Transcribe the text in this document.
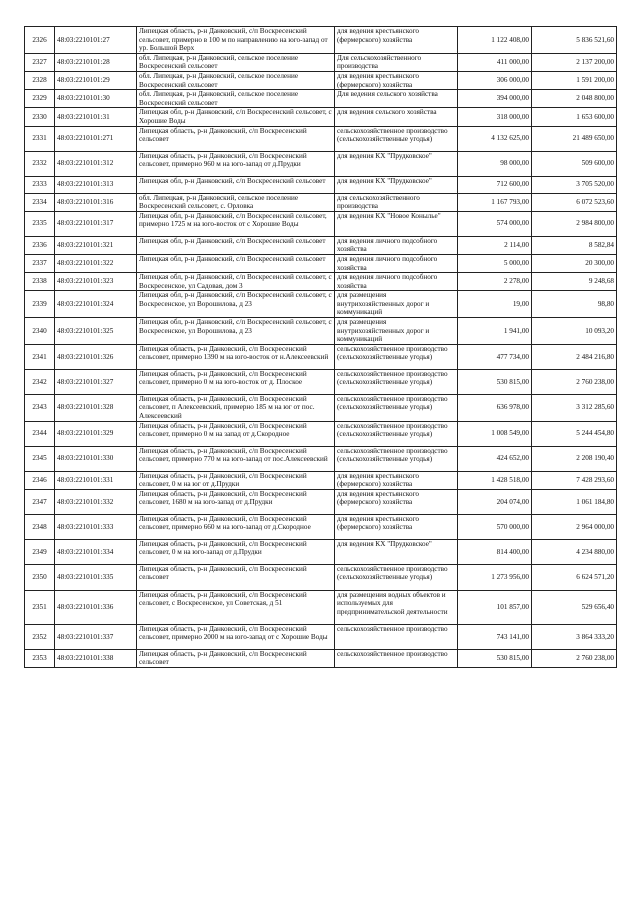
2326	48:03:2210101:27	Липецкая область, р-н Данковский, с/п Воскресенский сельсовет, примерно в 100 м по направлению на юго-запад от ур. Большой Верх	для ведения крестьянского (фермерского) хозяйства	1 122 408,00	5 836 521,60
2327	48:03:2210101:28	обл. Липецкая, р-н Данковский, сельское поселение Воскресенский сельсовет	Для сельскохозяйственного производства	411 000,00	2 137 200,00
2328	48:03:2210101:29	обл. Липецкая, р-н Данковский, сельское поселение Воскресенский сельсовет	для ведения крестьянского (фермерского) хозяйства	306 000,00	1 591 200,00
2329	48:03:2210101:30	обл. Липецкая, р-н Данковский, сельское поселение Воскресенский сельсовет	Для ведения сельского хозяйства	394 000,00	2 048 800,00
2330	48:03:2210101:31	Липецкая обл, р-н Данковский, с/п Воскресенский сельсовет, с Хорошие Воды	для ведения сельского хозяйства	318 000,00	1 653 600,00
2331	48:03:2210101:271	Липецкая область, р-н Данковский, с/п Воскресенский сельсовет	сельскохозяйственное производство (сельскохозяйственные угодья)	4 132 625,00	21 489 650,00
2332	48:03:2210101:312	Липецкая область, р-н Данковский, с/п Воскресенский сельсовет, примерно 960 м на юго-запад от д.Прудки	для ведения КХ "Прудковское"	98 000,00	509 600,00
2333	48:03:2210101:313	Липецкая обл, р-н Данковский, с/п Воскресенский сельсовет	для ведения КХ "Прудковское"	712 600,00	3 705 520,00
2334	48:03:2210101:316	обл. Липецкая, р-н Данковский, сельское поселение Воскресенский сельсовет, с. Орловка	для сельскохозяйственного производства	1 167 793,00	6 072 523,60
2335	48:03:2210101:317	Липецкая обл, р-н Данковский, с/п Воскресенский сельсовет, примерно 1725 м на юго-восток от с Хорошие Воды	для ведения КХ "Новое Конылье"	574 000,00	2 984 800,00
2336	48:03:2210101:321	Липецкая обл, р-н Данковский, с/п Воскресенский сельсовет	для ведения личного подсобного хозяйства	2 114,00	8 582,84
2337	48:03:2210101:322	Липецкая обл, р-н Данковский, с/п Воскресенский сельсовет	для ведения личного подсобного хозяйства	5 000,00	20 300,00
2338	48:03:2210101:323	Липецкая обл, р-н Данковский, с/п Воскресенский сельсовет, с Воскресенское, ул Садовая, дом 3	для ведения личного подсобного хозяйства	2 278,00	9 248,68
2339	48:03:2210101:324	Липецкая обл, р-н Данковский, с/п Воскресенский сельсовет, с Воскресенское, ул Ворошилова, д 23	для размещения внутрихозяйственных дорог и коммуникаций	19,00	98,80
2340	48:03:2210101:325	Липецкая обл, р-н Данковский, с/п Воскресенский сельсовет, с Воскресенское, ул Ворошилова, д 23	для размещения внутрихозяйственных дорог и коммуникаций	1 941,00	10 093,20
2341	48:03:2210101:326	Липецкая область, р-н Данковский, с/п Воскресенский сельсовет, примерно 1390 м на юго-восток от н.Алексеевский	сельскохозяйственное производство (сельскохозяйственные угодья)	477 734,00	2 484 216,80
2342	48:03:2210101:327	Липецкая область, р-н Данковский, с/п Воскресенский сельсовет, примерно 0 м на юго-восток от д. Плоское	сельскохозяйственное производство (сельскохозяйственные угодья)	530 815,00	2 760 238,00
2343	48:03:2210101:328	Липецкая область, р-н Данковский, с/п Воскресенский сельсовет, п Алексеевский, примерно 185 м на юг от пос. Алексеевский	сельскохозяйственное производство (сельскохозяйственные угодья)	636 978,00	3 312 285,60
2344	48:03:2210101:329	Липецкая область, р-н Данковский, с/п Воскресенский сельсовет, примерно 0 м на запад от д.Скородное	сельскохозяйственное производство (сельскохозяйственные угодья)	1 008 549,00	5 244 454,80
2345	48:03:2210101:330	Липецкая область, р-н Данковский, с/п Воскресенский сельсовет, примерно 770 м на юго-запад от пос.Алексеевский	сельскохозяйственное производство (сельскохозяйственные угодья)	424 652,00	2 208 190,40
2346	48:03:2210101:331	Липецкая область, р-н Данковский, с/п Воскресенский сельсовет, 0 м на юг от д.Прудки	для ведения крестьянского (фермерского) хозяйства	1 428 518,00	7 428 293,60
2347	48:03:2210101:332	Липецкая область, р-н Данковский, с/п Воскресенский сельсовет, 1680 м на юго-запад от д.Прудки	для ведения крестьянского (фермерского) хозяйства	204 074,00	1 061 184,80
2348	48:03:2210101:333	Липецкая область, р-н Данковский, с/п Воскресенский сельсовет, примерно 660 м на юго-запад от д.Скородное	для ведения крестьянского (фермерского) хозяйства	570 000,00	2 964 000,00
2349	48:03:2210101:334	Липецкая область, р-н Данковский, с/п Воскресенский сельсовет, 0 м на юго-запад от д.Прудки	для ведения КХ "Прудковское"	814 400,00	4 234 880,00
2350	48:03:2210101:335	Липецкая область, р-н Данковский, с/п Воскресенский сельсовет	сельскохозяйственное производство (сельскохозяйственные угодья)	1 273 956,00	6 624 571,20
2351	48:03:2210101:336	Липецкая область, р-н Данковский, с/п Воскресенский сельсовет, с Воскресенское, ул Советская, д 51	для размещения водных объектов и используемых для предпринимательской деятельности	101 857,00	529 656,40
2352	48:03:2210101:337	Липецкая область, р-н Данковский, с/п Воскресенский сельсовет, примерно 2000 м на юго-запад от с Хорошие Воды	сельскохозяйственное производство	743 141,00	3 864 333,20
2353	48:03:2210101:338	Липецкая область, р-н Данковский, с/п Воскресенский сельсовет	сельскохозяйственное производство	530 815,00	2 760 238,00
